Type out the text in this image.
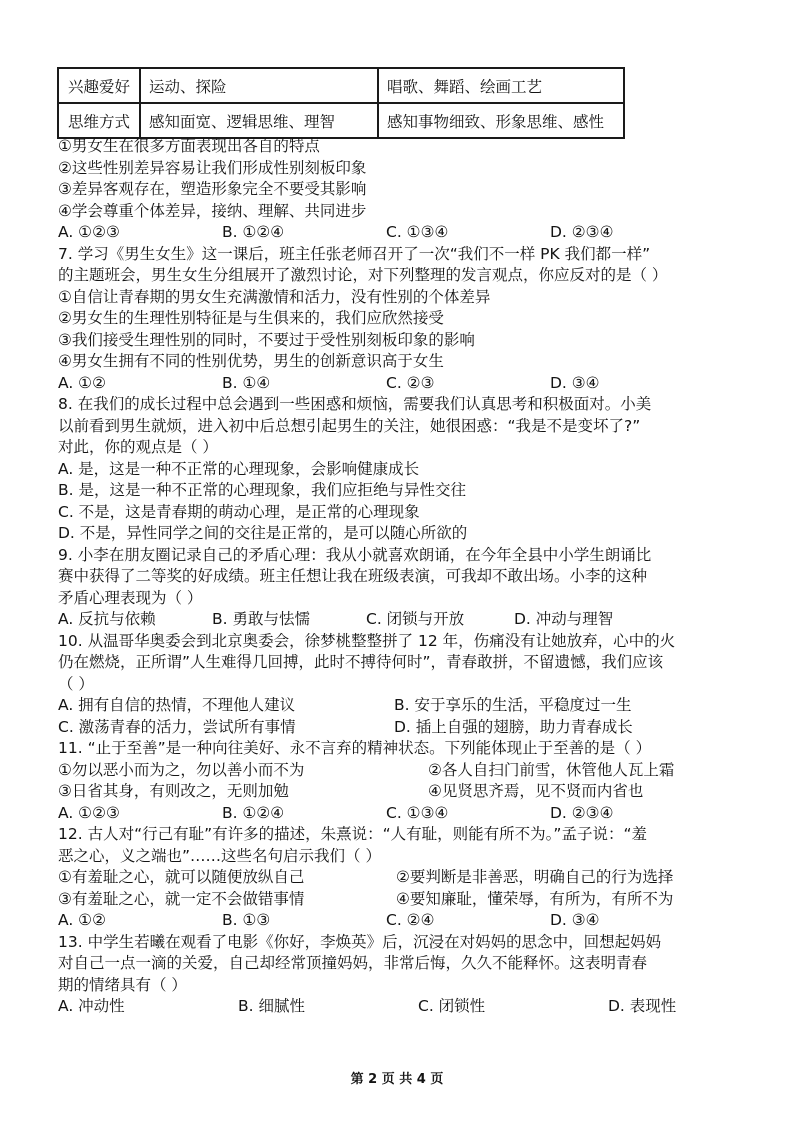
兴趣爱好	运动、探险	唱歌、舞蹈、绘画工艺
思维方式	感知面宽、逻辑思维、理智	感知事物细致、形象思维、感性
①男女生在很多方面表现出各自的特点
②这些性别差异容易让我们形成性别刻板印象
③差异客观存在，塑造形象完全不要受其影响
④学会尊重个体差异，接纳、理解、共同进步
A. ①②③	B. ①②④	C. ①③④	D. ②③④
7. 学习《男生女生》这一课后，班主任张老师召开了一次“我们不一样 PK 我们都一样”
的主题班会，男生女生分组展开了激烈讨论，对下列整理的发言观点，你应反对的是（ ）
①自信让青春期的男女生充满激情和活力，没有性别的个体差异
②男女生的生理性别特征是与生俱来的，我们应欣然接受
③我们接受生理性别的同时，不要过于受性别刻板印象的影响
④男女生拥有不同的性别优势，男生的创新意识高于女生
A. ①②	B. ①④	C. ②③	D. ③④
8. 在我们的成长过程中总会遇到一些困惑和烦恼，需要我们认真思考和积极面对。小美
以前看到男生就烦，进入初中后总想引起男生的关注，她很困惑：“我是不是变坏了?”
对此，你的观点是（ ）
A. 是，这是一种不正常的心理现象，会影响健康成长
B. 是，这是一种不正常的心理现象，我们应拒绝与异性交往
C. 不是，这是青春期的萌动心理，是正常的心理现象
D. 不是，异性同学之间的交往是正常的，是可以随心所欲的
9. 小李在朋友圈记录自己的矛盾心理：我从小就喜欢朗诵，在今年全县中小学生朗诵比
赛中获得了二等奖的好成绩。班主任想让我在班级表演，可我却不敢出场。小李的这种
矛盾心理表现为（ ）
A. 反抗与依赖	B. 勇敢与怯懦	C. 闭锁与开放	D. 冲动与理智
10. 从温哥华奥委会到北京奥委会，徐梦桃整整拼了 12 年，伤痛没有让她放弃，心中的火
仍在燃烧，正所谓”人生难得几回搏，此时不搏待何时”，青春敢拼，不留遗憾，我们应该
（ ）
A. 拥有自信的热情，不理他人建议	B. 安于享乐的生活，平稳度过一生
C. 激荡青春的活力，尝试所有事情	D. 插上自强的翅膀，助力青春成长
11. “止于至善”是一种向往美好、永不言弃的精神状态。下列能体现止于至善的是（ ）
①勿以恶小而为之，勿以善小而不为	②各人自扫门前雪，休管他人瓦上霜
③日省其身，有则改之，无则加勉	④见贤思齐焉，见不贤而内省也
A. ①②③	B. ①②④	C. ①③④	D. ②③④
12. 古人对“行己有耻”有许多的描述，朱熹说：“人有耻，则能有所不为。”孟子说：“羞
恶之心，义之端也”……这些名句启示我们（ ）
①有羞耻之心，就可以随便放纵自己	②要判断是非善恶，明确自己的行为选择
③有羞耻之心，就一定不会做错事情	④要知廉耻，懂荣辱，有所为，有所不为
A. ①②	B. ①③	C. ②④	D. ③④
13. 中学生若曦在观看了电影《你好，李焕英》后，沉浸在对妈妈的思念中，回想起妈妈
对自己一点一滴的关爱，自己却经常顶撞妈妈，非常后悔，久久不能释怀。这表明青春
期的情绪具有（ ）
A. 冲动性	B. 细腻性	C. 闭锁性	D. 表现性
第 2 页 共 4 页
